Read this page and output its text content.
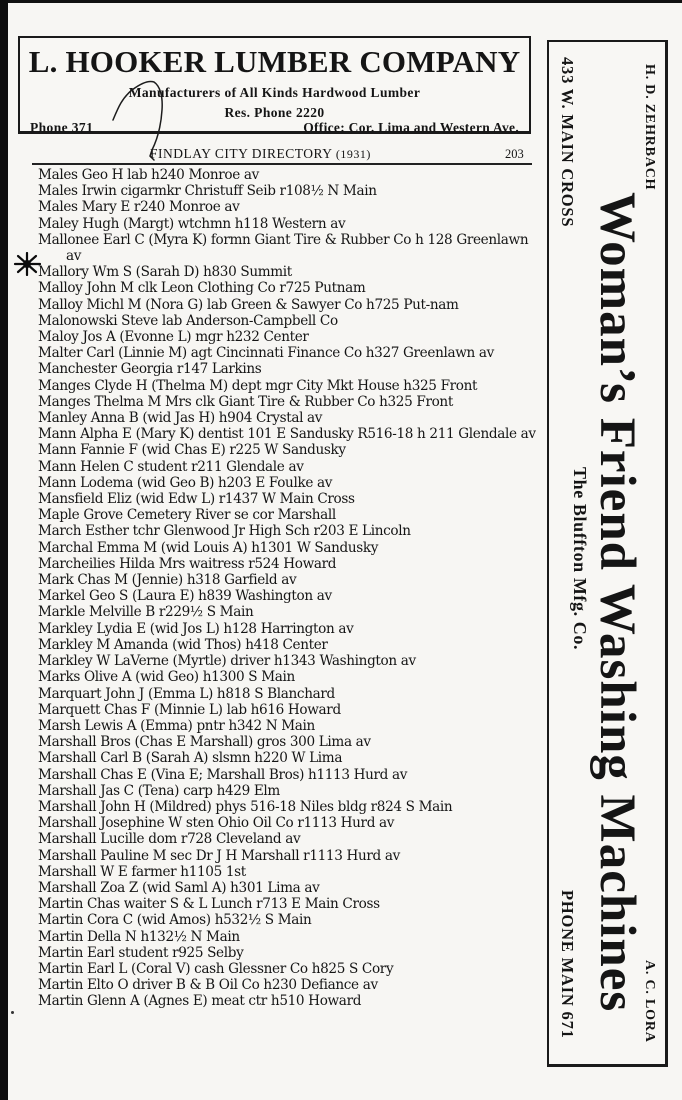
L. HOOKER LUMBER COMPANY
Manufacturers of All Kinds Hardwood Lumber
Res. Phone 2220
Phone 371	Office: Cor. Lima and Western Ave.
FINDLAY CITY DIRECTORY (1931)	203
Males Geo H lab h240 Monroe av
Males Irwin cigarmkr Christuff Seib r108½ N Main
Males Mary E r240 Monroe av
Maley Hugh (Margt) wtchmn h118 Western av
Mallonee Earl C (Myra K) formn Giant Tire & Rubber Co h 128 Greenlawn av
Mallory Wm S (Sarah D) h830 Summit
Malloy John M clk Leon Clothing Co r725 Putnam
Malloy Michl M (Nora G) lab Green & Sawyer Co h725 Put-nam
Malonowski Steve lab Anderson-Campbell Co
Maloy Jos A (Evonne L) mgr h232 Center
Malter Carl (Linnie M) agt Cincinnati Finance Co h327 Greenlawn av
Manchester Georgia r147 Larkins
Manges Clyde H (Thelma M) dept mgr City Mkt House h325 Front
Manges Thelma M Mrs clk Giant Tire & Rubber Co h325 Front
Manley Anna B (wid Jas H) h904 Crystal av
Mann Alpha E (Mary K) dentist 101 E Sandusky R516-18 h 211 Glendale av
Mann Fannie F (wid Chas E) r225 W Sandusky
Mann Helen C student r211 Glendale av
Mann Lodema (wid Geo B) h203 E Foulke av
Mansfield Eliz (wid Edw L) r1437 W Main Cross
Maple Grove Cemetery River se cor Marshall
March Esther tchr Glenwood Jr High Sch r203 E Lincoln
Marchal Emma M (wid Louis A) h1301 W Sandusky
Marcheilies Hilda Mrs waitress r524 Howard
Mark Chas M (Jennie) h318 Garfield av
Markel Geo S (Laura E) h839 Washington av
Markle Melville B r229½ S Main
Markley Lydia E (wid Jos L) h128 Harrington av
Markley M Amanda (wid Thos) h418 Center
Markley W LaVerne (Myrtle) driver h1343 Washington av
Marks Olive A (wid Geo) h1300 S Main
Marquart John J (Emma L) h818 S Blanchard
Marquett Chas F (Minnie L) lab h616 Howard
Marsh Lewis A (Emma) pntr h342 N Main
Marshall Bros (Chas E Marshall) gros 300 Lima av
Marshall Carl B (Sarah A) slsmn h220 W Lima
Marshall Chas E (Vina E; Marshall Bros) h1113 Hurd av
Marshall Jas C (Tena) carp h429 Elm
Marshall John H (Mildred) phys 516-18 Niles bldg r824 S Main
Marshall Josephine W sten Ohio Oil Co r1113 Hurd av
Marshall Lucille dom r728 Cleveland av
Marshall Pauline M sec Dr J H Marshall r1113 Hurd av
Marshall W E farmer h1105 1st
Marshall Zoa Z (wid Saml A) h301 Lima av
Martin Chas waiter S & L Lunch r713 E Main Cross
Martin Cora C (wid Amos) h532½ S Main
Martin Della N h132½ N Main
Martin Earl student r925 Selby
Martin Earl L (Coral V) cash Glessner Co h825 S Cory
Martin Elto O driver B & B Oil Co h230 Defiance av
Martin Glenn A (Agnes E) meat ctr h510 Howard
H. D. ZEHRBACH
433 W. MAIN CROSS
Woman’s Friend Washing Machines
The Bluffton Mfg. Co.
A. C. LORA
PHONE MAIN 671
